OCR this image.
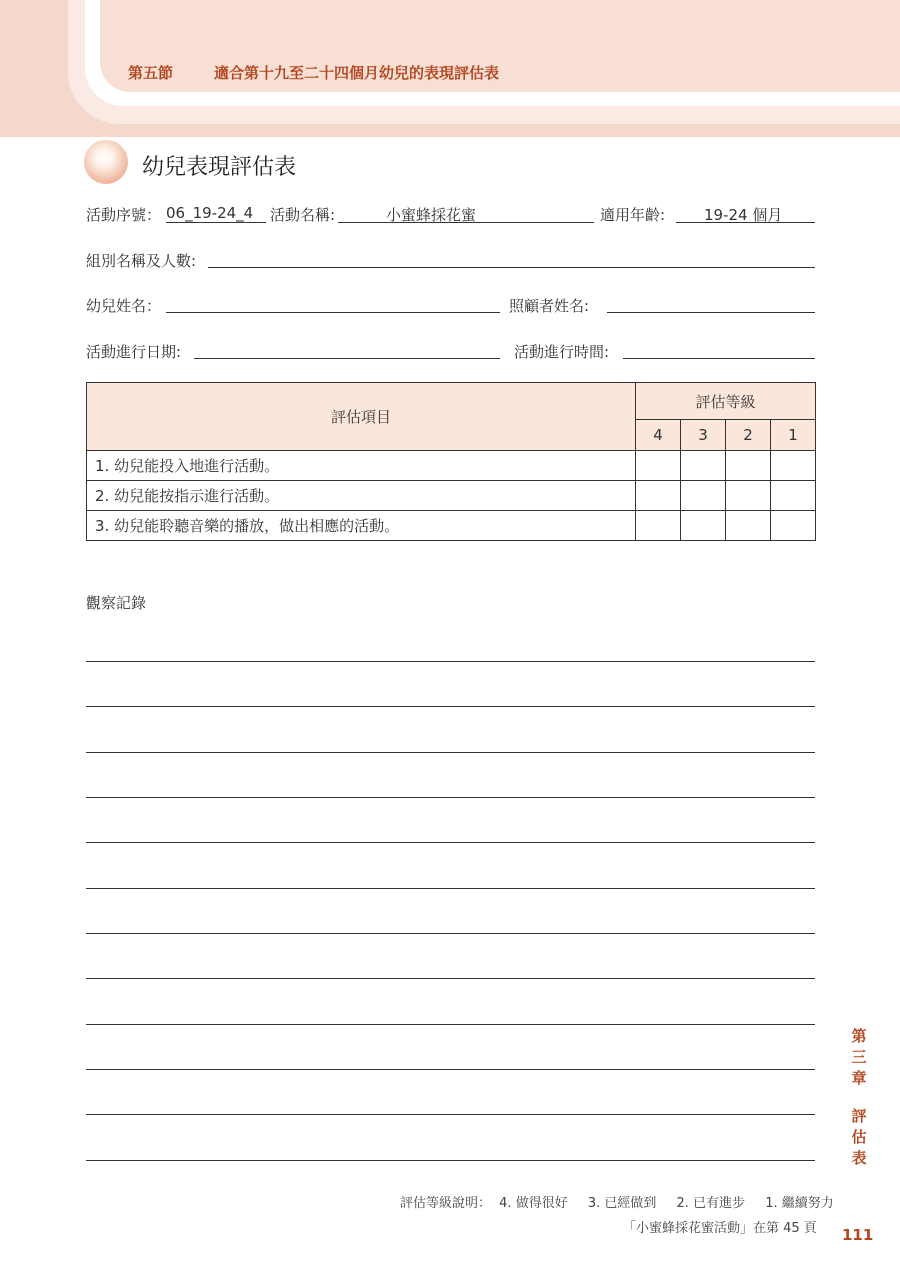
第五節	適合第十九至二十四個月幼兒的表現評估表
幼兒表現評估表
活動序號： 06_19-24_4	活動名稱:	小蜜蜂採花蜜	適用年齡:	19-24 個月
組別名稱及人數:
幼兒姓名：	照顧者姓名:
活動進行日期:	活動進行時間:
評估項目	評估等級			
	4	3	2	1
1. 幼兒能投入地進行活動。				
2. 幼兒能按指示進行活動。				
3. 幼兒能聆聽音樂的播放，做出相應的活動。				
觀察記錄
第
三
章
評
估
表
評估等級說明： 4. 做得很好 3. 已經做到 2. 已有進步 1. 繼續努力
「小蜜蜂採花蜜活動」在第 45 頁 111
